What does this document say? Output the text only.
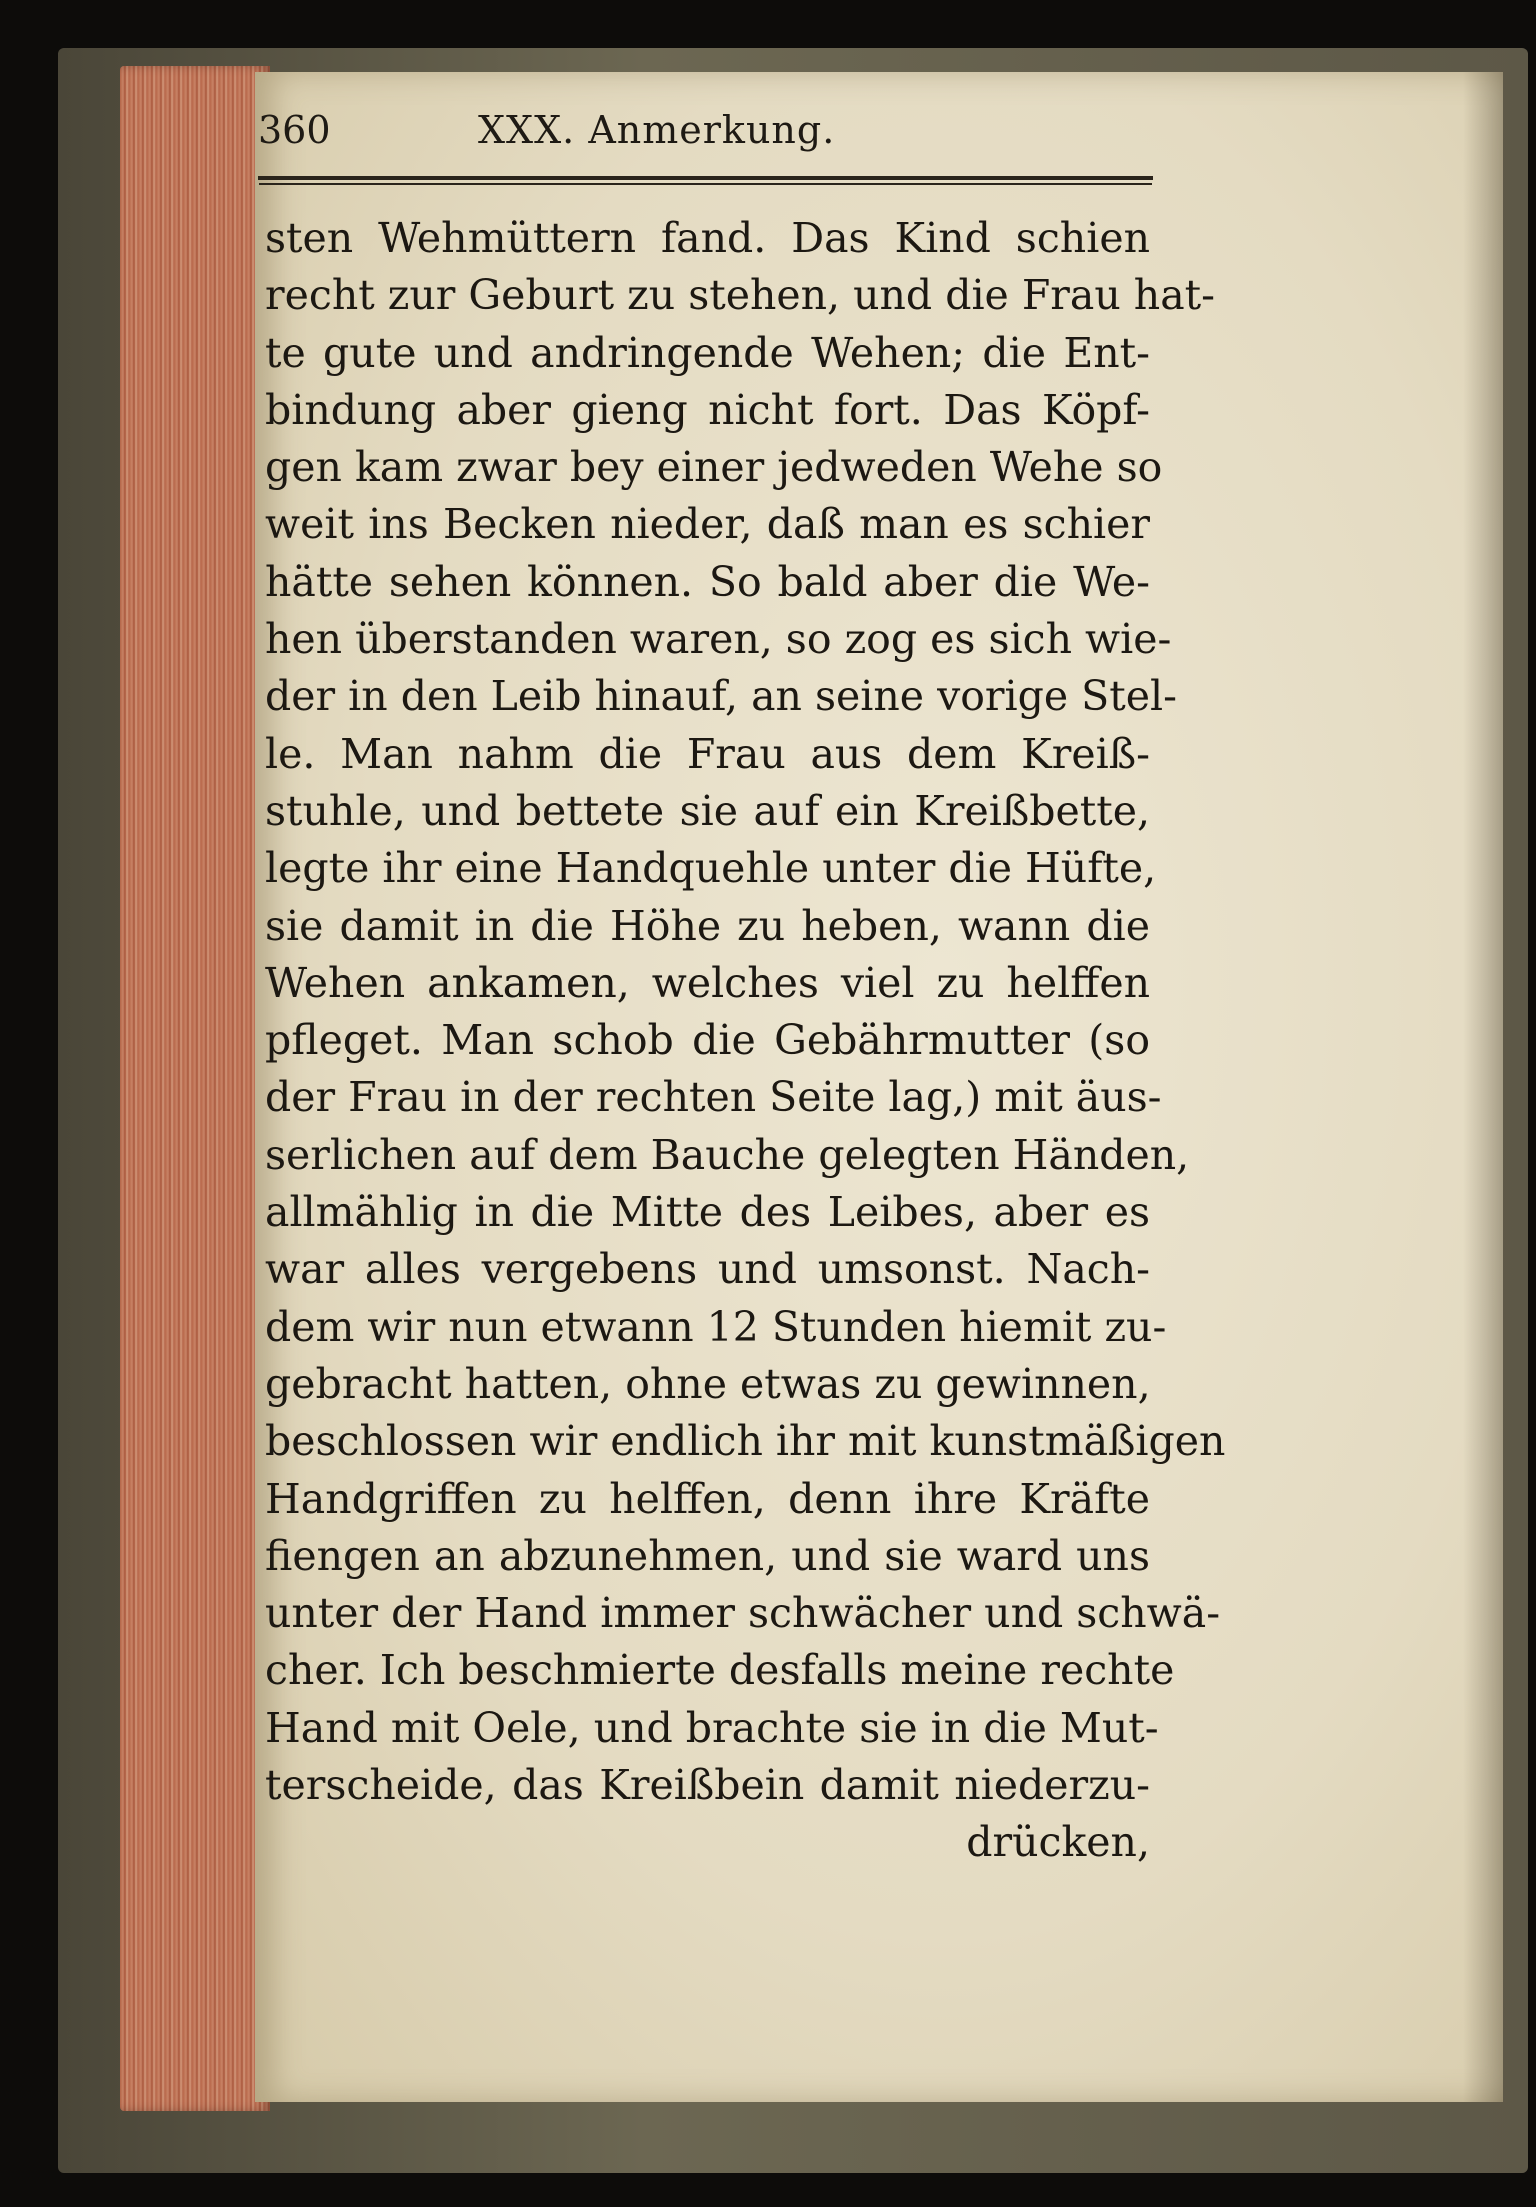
360	XXX. Anmerkung.
sten Wehmüttern fand. Das Kind schien
recht zur Geburt zu stehen, und die Frau hat-
te gute und andringende Wehen; die Ent-
bindung aber gieng nicht fort. Das Köpf-
gen kam zwar bey einer jedweden Wehe so
weit ins Becken nieder, daß man es schier
hätte sehen können. So bald aber die We-
hen überstanden waren, so zog es sich wie-
der in den Leib hinauf, an seine vorige Stel-
le. Man nahm die Frau aus dem Kreiß-
stuhle, und bettete sie auf ein Kreißbette,
legte ihr eine Handquehle unter die Hüfte,
sie damit in die Höhe zu heben, wann die
Wehen ankamen, welches viel zu helffen
pfleget. Man schob die Gebährmutter (so
der Frau in der rechten Seite lag,) mit äus-
serlichen auf dem Bauche gelegten Händen,
allmählig in die Mitte des Leibes, aber es
war alles vergebens und umsonst. Nach-
dem wir nun etwann 12 Stunden hiemit zu-
gebracht hatten, ohne etwas zu gewinnen,
beschlossen wir endlich ihr mit kunstmäßigen
Handgriffen zu helffen, denn ihre Kräfte
fiengen an abzunehmen, und sie ward uns
unter der Hand immer schwächer und schwä-
cher. Ich beschmierte desfalls meine rechte
Hand mit Oele, und brachte sie in die Mut-
terscheide, das Kreißbein damit niederzu-
drücken,
